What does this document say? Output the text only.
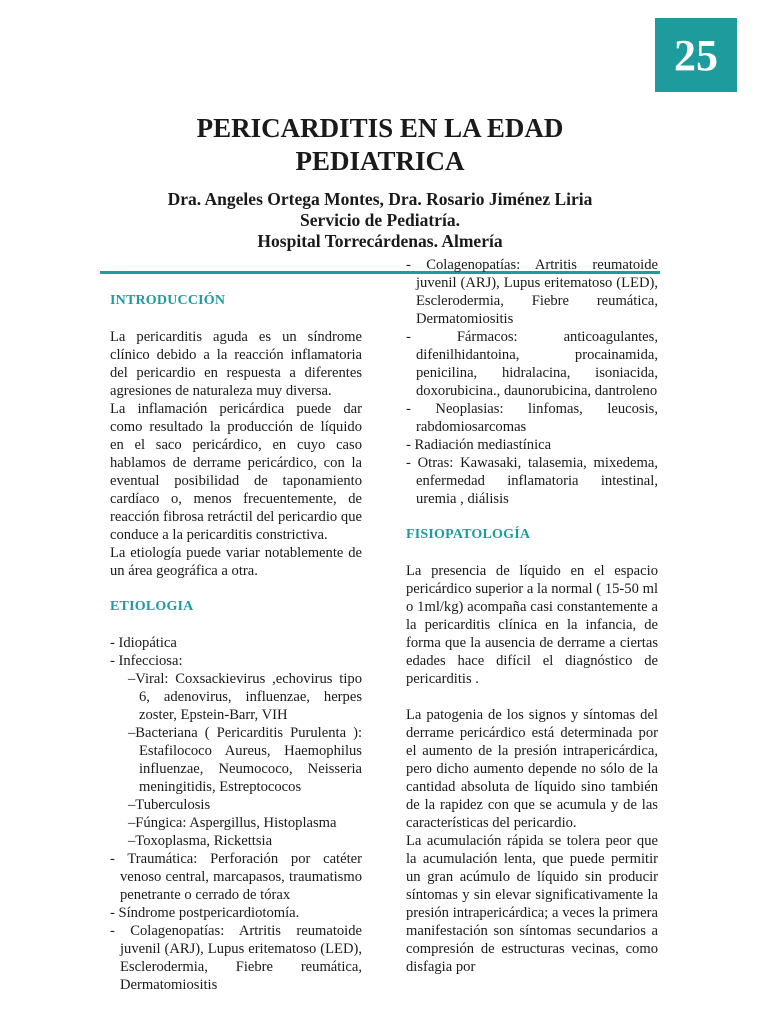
25
PERICARDITIS EN LA EDAD
PEDIATRICA
Dra. Angeles Ortega Montes, Dra. Rosario Jiménez Liria
Servicio de Pediatría.
Hospital Torrecárdenas. Almería

INTRODUCCIÓN

La pericarditis aguda es un síndrome clínico debido a la reacción inflamatoria del pericardio en respuesta a diferentes agresiones de naturaleza muy diversa.

La inflamación pericárdica puede dar como resultado la producción de líquido en el saco pericárdico, en cuyo caso hablamos de derrame pericárdico, con la eventual posibilidad de taponamiento cardíaco o, menos frecuentemente, de reacción fibrosa retráctil del pericardio que conduce a la pericarditis constrictiva.

La etiología puede variar notablemente de un área geográfica a otra.

ETIOLOGIA

- Idiopática
- Infecciosa:
–Viral: Coxsackievirus ,echovirus tipo 6, adenovirus, influenzae, herpes zoster, Epstein-Barr, VIH
–Bacteriana ( Pericarditis Purulenta ): Estafilococo Aureus, Haemophilus influenzae, Neumococo, Neisseria meningitidis, Estreptococos
–Tuberculosis
–Fúngica: Aspergillus, Histoplasma
–Toxoplasma, Rickettsia
- Traumática: Perforación por catéter venoso central, marcapasos, traumatismo penetrante o cerrado de tórax
- Síndrome postpericardiotomía.
- Colagenopatías: Artritis reumatoide juvenil (ARJ), Lupus eritematoso (LED), Esclerodermia, Fiebre reumática, Dermatomiositis
- Colagenopatías: Artritis reumatoide juvenil (ARJ), Lupus eritematoso (LED), Esclerodermia, Fiebre reumática, Dermatomiositis
- Fármacos: anticoagulantes, difenilhidantoina, procainamida, penicilina, hidralacina, isoniacida, doxorubicina., daunorubicina, dantroleno
- Neoplasias: linfomas, leucosis, rabdomiosarcomas
- Radiación mediastínica
- Otras: Kawasaki, talasemia, mixedema, enfermedad inflamatoria intestinal, uremia , diálisis

FISIOPATOLOGÍA

La presencia de líquido en el espacio pericárdico superior a la normal ( 15-50 ml o 1ml/kg) acompaña casi constantemente a la pericarditis clínica en la infancia, de forma que la ausencia de derrame a ciertas edades hace difícil el diagnóstico de pericarditis .

La patogenia de los signos y síntomas del derrame pericárdico está determinada por el aumento de la presión intrapericárdica, pero dicho aumento depende no sólo de la cantidad absoluta de líquido sino también de la rapidez con que se acumula y de las características del pericardio.

La acumulación rápida se tolera peor que la acumulación lenta, que puede permitir un gran acúmulo de líquido sin producir síntomas y sin elevar significativamente la presión intrapericárdica; a veces la primera manifestación son síntomas secundarios a compresión de estructuras vecinas, como disfagia por
